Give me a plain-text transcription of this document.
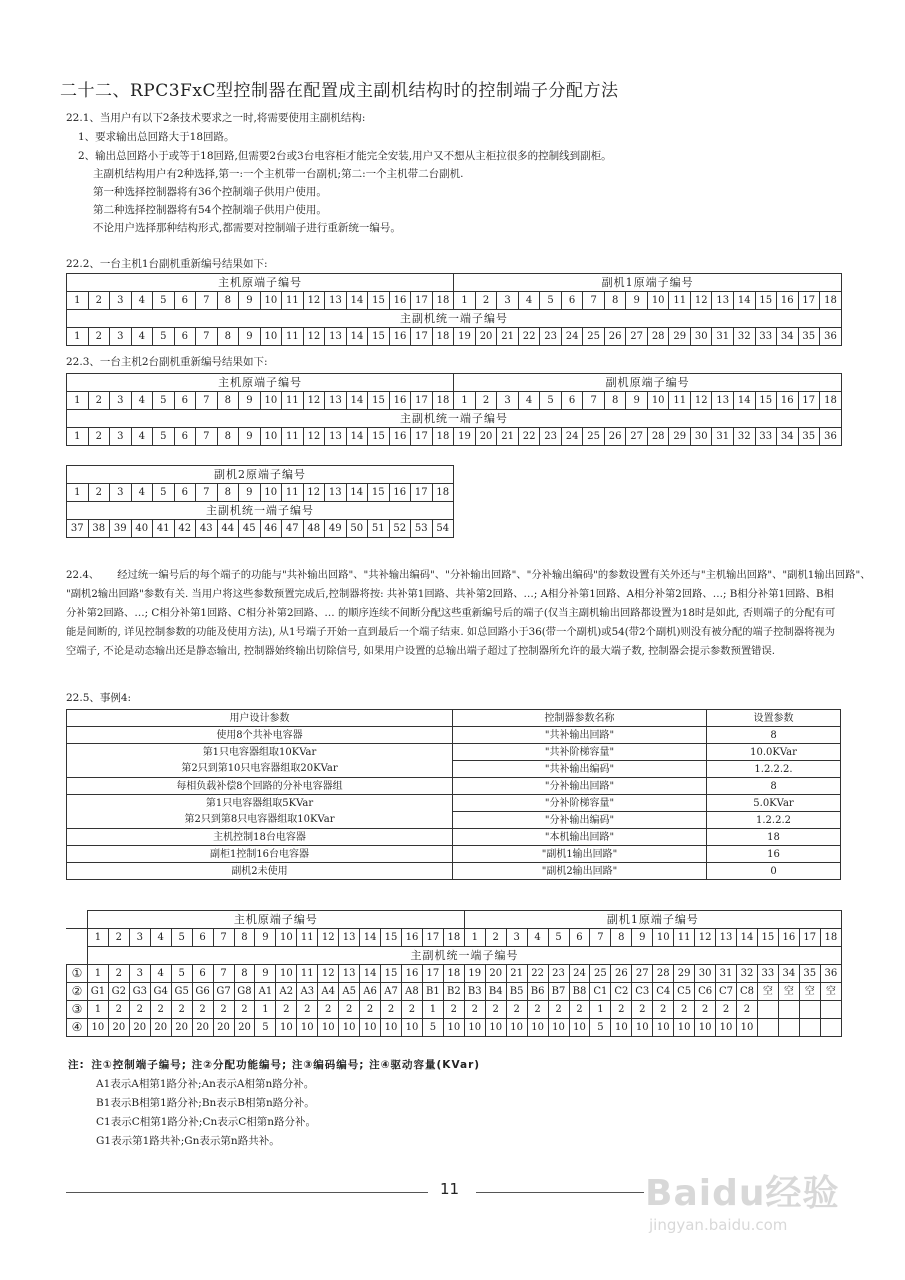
二十二、RPC3FxC型控制器在配置成主副机结构时的控制端子分配方法
22.1、当用户有以下2条技术要求之一时,将需要使用主副机结构:
1、要求输出总回路大于18回路。
2、输出总回路小于或等于18回路,但需要2台或3台电容柜才能完全安装,用户又不想从主柜拉很多的控制线到副柜。
主副机结构用户有2种选择,第一:一个主机带一台副机;第二:一个主机带二台副机.
第一种选择控制器将有36个控制端子供用户使用。
第二种选择控制器将有54个控制端子供用户使用。
不论用户选择那种结构形式,都需要对控制端子进行重新统一编号。
22.2、一台主机1台副机重新编号结果如下:
主机原端子编号																		副机1原端子编号																	
1	2	3	4	5	6	7	8	9	10	11	12	13	14	15	16	17	18	1	2	3	4	5	6	7	8	9	10	11	12	13	14	15	16	17	18
主副机统一端子编号																																			
1	2	3	4	5	6	7	8	9	10	11	12	13	14	15	16	17	18	19	20	21	22	23	24	25	26	27	28	29	30	31	32	33	34	35	36
22.3、一台主机2台副机重新编号结果如下:
主机原端子编号																		副机原端子编号																	
1	2	3	4	5	6	7	8	9	10	11	12	13	14	15	16	17	18	1	2	3	4	5	6	7	8	9	10	11	12	13	14	15	16	17	18
主副机统一端子编号																																			
1	2	3	4	5	6	7	8	9	10	11	12	13	14	15	16	17	18	19	20	21	22	23	24	25	26	27	28	29	30	31	32	33	34	35	36
副机2原端子编号																	
1	2	3	4	5	6	7	8	9	10	11	12	13	14	15	16	17	18
主副机统一端子编号																	
37	38	39	40	41	42	43	44	45	46	47	48	49	50	51	52	53	54
22.4、 经过统一编号后的每个端子的功能与"共补输出回路"、"共补输出编码"、"分补输出回路"、"分补输出编码"的参数设置有关外还与"主机输出回路"、"副机1输出回路"、
"副机2输出回路"参数有关. 当用户将这些参数预置完成后,控制器将按: 共补第1回路、共补第2回路、…; A相分补第1回路、A相分补第2回路、…; B相分补第1回路、B相
分补第2回路、…; C相分补第1回路、C相分补第2回路、… 的顺序连续不间断分配这些重新编号后的端子(仅当主副机输出回路都设置为18时是如此, 否则端子的分配有可
能是间断的, 详见控制参数的功能及使用方法), 从1号端子开始一直到最后一个端子结束. 如总回路小于36(带一个副机)或54(带2个副机)则没有被分配的端子控制器将视为
空端子, 不论是动态输出还是静态输出, 控制器始终输出切除信号, 如果用户设置的总输出端子超过了控制器所允许的最大端子数, 控制器会提示参数预置错误.
22.5、事例4:
用户设计参数	控制器参数名称	设置参数
使用8个共补电容器	"共补输出回路"	8
第1只电容器组取10KVar	"共补阶梯容量"	10.0KVar
第2只到第10只电容器组取20KVar	"共补输出编码"	1.2.2.2.
每相负载补偿8个回路的分补电容器组	"分补输出回路"	8
第1只电容器组取5KVar	"分补阶梯容量"	5.0KVar
第2只到第8只电容器组取10KVar	"分补输出编码"	1.2.2.2
主机控制18台电容器	"本机输出回路"	18
副柜1控制16台电容器	"副机1输出回路"	16
副机2未使用	"副机2输出回路"	0
	主机原端子编号																		副机1原端子编号																	
	1	2	3	4	5	6	7	8	9	10	11	12	13	14	15	16	17	18	1	2	3	4	5	6	7	8	9	10	11	12	13	14	15	16	17	18
	主副机统一端子编号																																			
①	1	2	3	4	5	6	7	8	9	10	11	12	13	14	15	16	17	18	19	20	21	22	23	24	25	26	27	28	29	30	31	32	33	34	35	36
②	G1	G2	G3	G4	G5	G6	G7	G8	A1	A2	A3	A4	A5	A6	A7	A8	B1	B2	B3	B4	B5	B6	B7	B8	C1	C2	C3	C4	C5	C6	C7	C8	空	空	空	空
③	1	2	2	2	2	2	2	2	1	2	2	2	2	2	2	2	1	2	2	2	2	2	2	2	1	2	2	2	2	2	2	2				
④	10	20	20	20	20	20	20	20	5	10	10	10	10	10	10	10	5	10	10	10	10	10	10	10	5	10	10	10	10	10	10	10				
注: 注①控制端子编号; 注②分配功能编号; 注③编码编号; 注④驱动容量(KVar)
A1表示A相第1路分补;An表示A相第n路分补。
B1表示B相第1路分补;Bn表示B相第n路分补。
C1表示C相第1路分补;Cn表示C相第n路分补。
G1表示第1路共补;Gn表示第n路共补。
11	Baidu经验
jingyan.baidu.com
